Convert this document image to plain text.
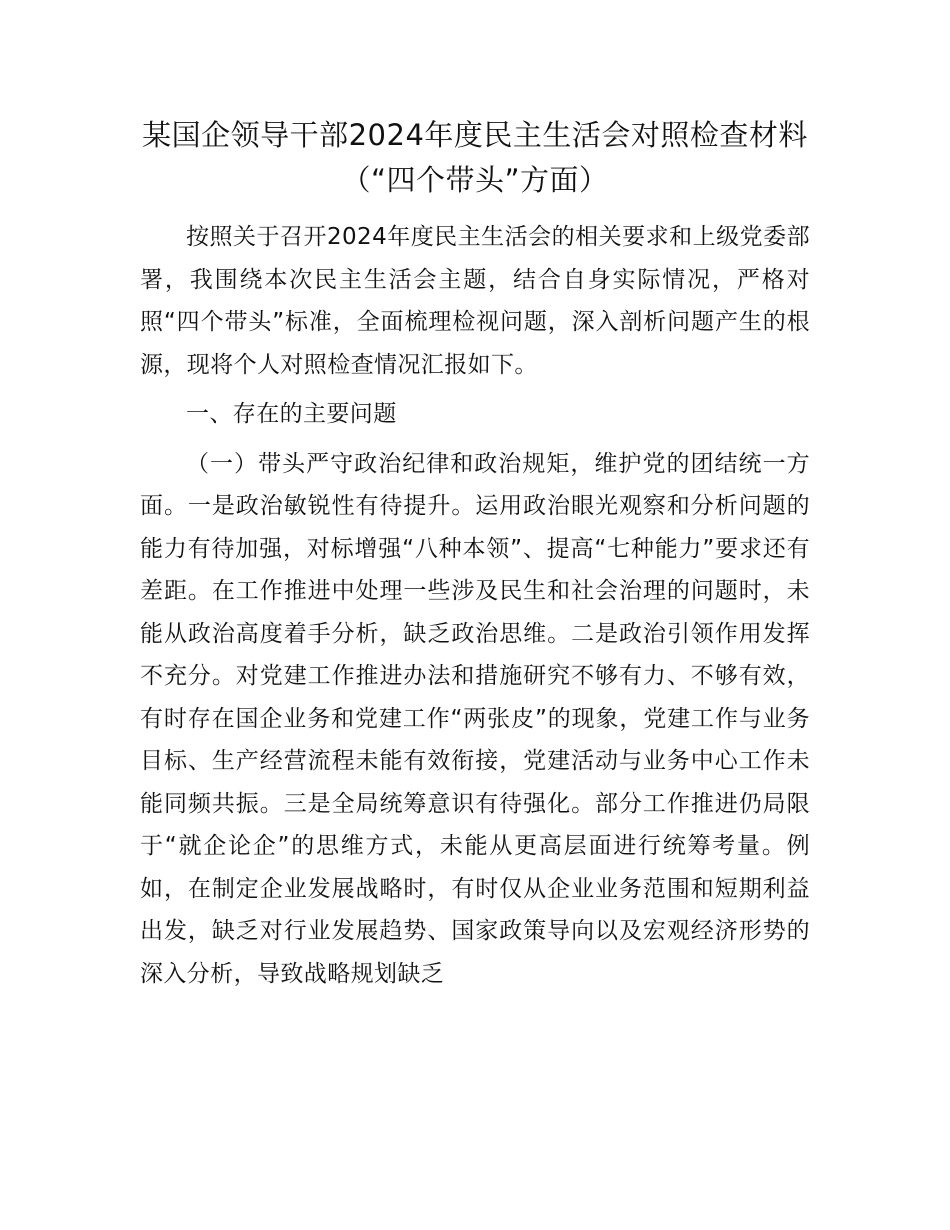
某国企领导干部2024年度民主生活会对照检查材料（“四个带头”方面）

按照关于召开2024年度民主生活会的相关要求和上级党委部署，我围绕本次民主生活会主题，结合自身实际情况，严格对照“四个带头”标准，全面梳理检视问题，深入剖析问题产生的根源，现将个人对照检查情况汇报如下。

一、存在的主要问题

（一）带头严守政治纪律和政治规矩，维护党的团结统一方面。一是政治敏锐性有待提升。运用政治眼光观察和分析问题的能力有待加强，对标增强“八种本领”、提高“七种能力”要求还有差距。在工作推进中处理一些涉及民生和社会治理的问题时，未能从政治高度着手分析，缺乏政治思维。二是政治引领作用发挥不充分。对党建工作推进办法和措施研究不够有力、不够有效，有时存在国企业务和党建工作“两张皮”的现象，党建工作与业务目标、生产经营流程未能有效衔接，党建活动与业务中心工作未能同频共振。三是全局统筹意识有待强化。部分工作推进仍局限于“就企论企”的思维方式，未能从更高层面进行统筹考量。例如，在制定企业发展战略时，有时仅从企业业务范围和短期利益出发，缺乏对行业发展趋势、国家政策导向以及宏观经济形势的深入分析，导致战略规划缺乏
